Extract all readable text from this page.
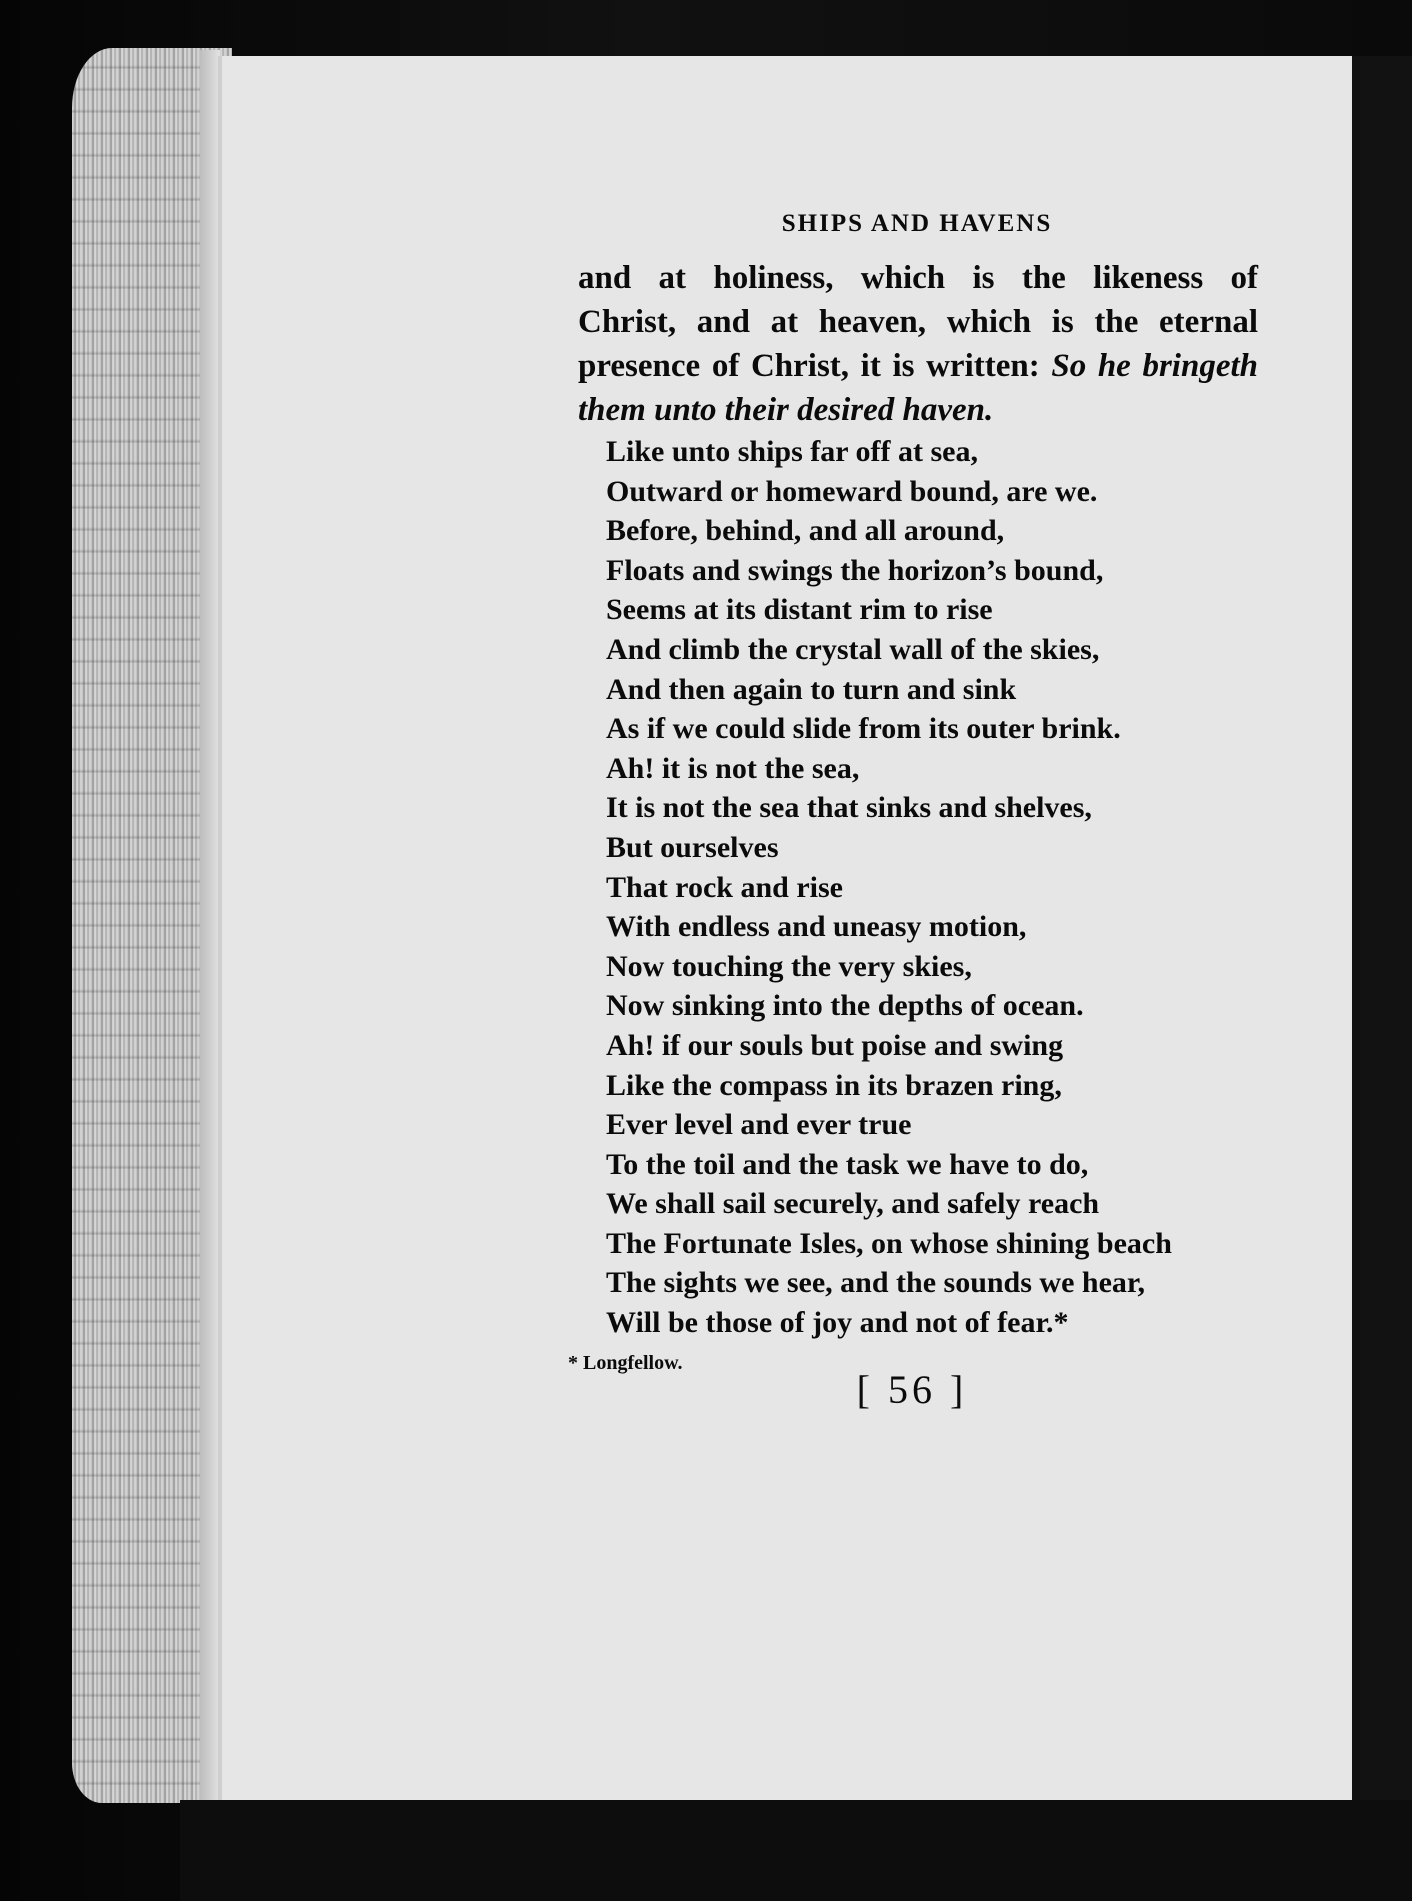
SHIPS AND HAVENS
and at holiness, which is the likeness of
Christ, and at heaven, which is the eternal
presence of Christ, it is written: So he bringeth
them unto their desired haven.
Like unto ships far off at sea,
Outward or homeward bound, are we.
Before, behind, and all around,
Floats and swings the horizon’s bound,
Seems at its distant rim to rise
And climb the crystal wall of the skies,
And then again to turn and sink
As if we could slide from its outer brink.
Ah! it is not the sea,
It is not the sea that sinks and shelves,
But ourselves
That rock and rise
With endless and uneasy motion,
Now touching the very skies,
Now sinking into the depths of ocean.
Ah! if our souls but poise and swing
Like the compass in its brazen ring,
Ever level and ever true
To the toil and the task we have to do,
We shall sail securely, and safely reach
The Fortunate Isles, on whose shining beach
The sights we see, and the sounds we hear,
Will be those of joy and not of fear.*
* Longfellow.
[ 56 ]
